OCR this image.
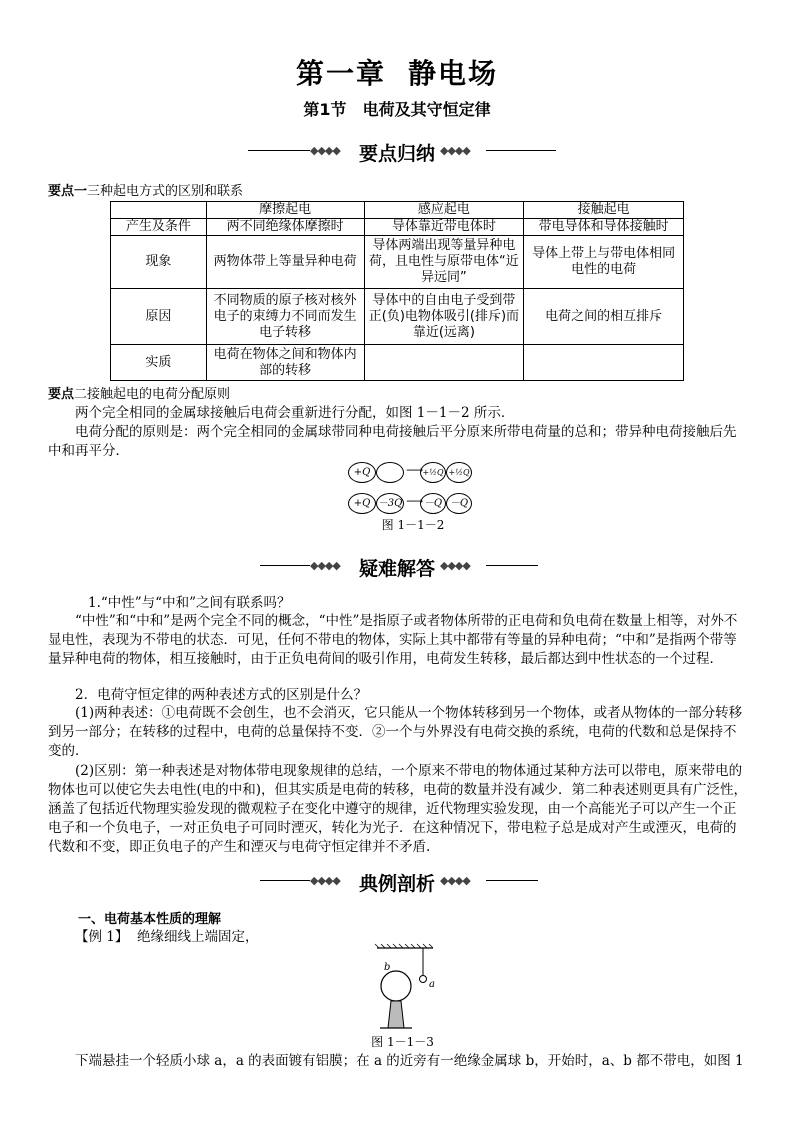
第一章 静电场
第1节 电荷及其守恒定律
◆◆◆◆	◆◆◆◆
要点归纳
要点一三种起电方式的区别和联系
	摩擦起电	感应起电	接触起电
产生及条件	两不同绝缘体摩擦时	导体靠近带电体时	带电导体和导体接触时
现象	两物体带上等量异种电荷	导体两端出现等量异种电荷，且电性与原带电体“近异远同”	导体上带上与带电体相同电性的电荷
原因	不同物质的原子核对核外电子的束缚力不同而发生电子转移	导体中的自由电子受到带正(负)电物体吸引(排斥)而靠近(远离)	电荷之间的相互排斥
实质	电荷在物体之间和物体内部的转移		
要点二接触起电的电荷分配原则
两个完全相同的金属球接触后电荷会重新进行分配，如图 1－1－2 所示．
电荷分配的原则是：两个完全相同的金属球带同种电荷接触后平分原来所带电荷量的总和；带异种电荷接触后先中和再平分．
+Q	⟶ +½Q +½Q
+Q －3Q ⟶ －Q －Q
图 1－1－2
◆◆◆◆	◆◆◆◆
疑难解答
1.“中性”与“中和”之间有联系吗？
“中性”和“中和”是两个完全不同的概念，“中性”是指原子或者物体所带的正电荷和负电荷在数量上相等，对外不显电性，表现为不带电的状态．可见，任何不带电的物体，实际上其中都带有等量的异种电荷；“中和”是指两个带等量异种电荷的物体，相互接触时，由于正负电荷间的吸引作用，电荷发生转移，最后都达到中性状态的一个过程．
2．电荷守恒定律的两种表述方式的区别是什么？
(1)两种表述：①电荷既不会创生，也不会消灭，它只能从一个物体转移到另一个物体，或者从物体的一部分转移到另一部分；在转移的过程中，电荷的总量保持不变．②一个与外界没有电荷交换的系统，电荷的代数和总是保持不变的．
(2)区别：第一种表述是对物体带电现象规律的总结，一个原来不带电的物体通过某种方法可以带电，原来带电的物体也可以使它失去电性(电的中和)，但其实质是电荷的转移，电荷的数量并没有减少．第二种表述则更具有广泛性，涵盖了包括近代物理实验发现的微观粒子在变化中遵守的规律，近代物理实验发现，由一个高能光子可以产生一个正电子和一个负电子，一对正负电子可同时湮灭，转化为光子．在这种情况下，带电粒子总是成对产生或湮灭，电荷的代数和不变，即正负电子的产生和湮灭与电荷守恒定律并不矛盾.
◆◆◆◆	◆◆◆◆
典例剖析
一、电荷基本性质的理解
【例 1】 绝缘细线上端固定，
b
a
图 1－1－3
下端悬挂一个轻质小球 a，a 的表面镀有铝膜；在 a 的近旁有一绝缘金属球 b，开始时，a、b 都不带电，如图 1
